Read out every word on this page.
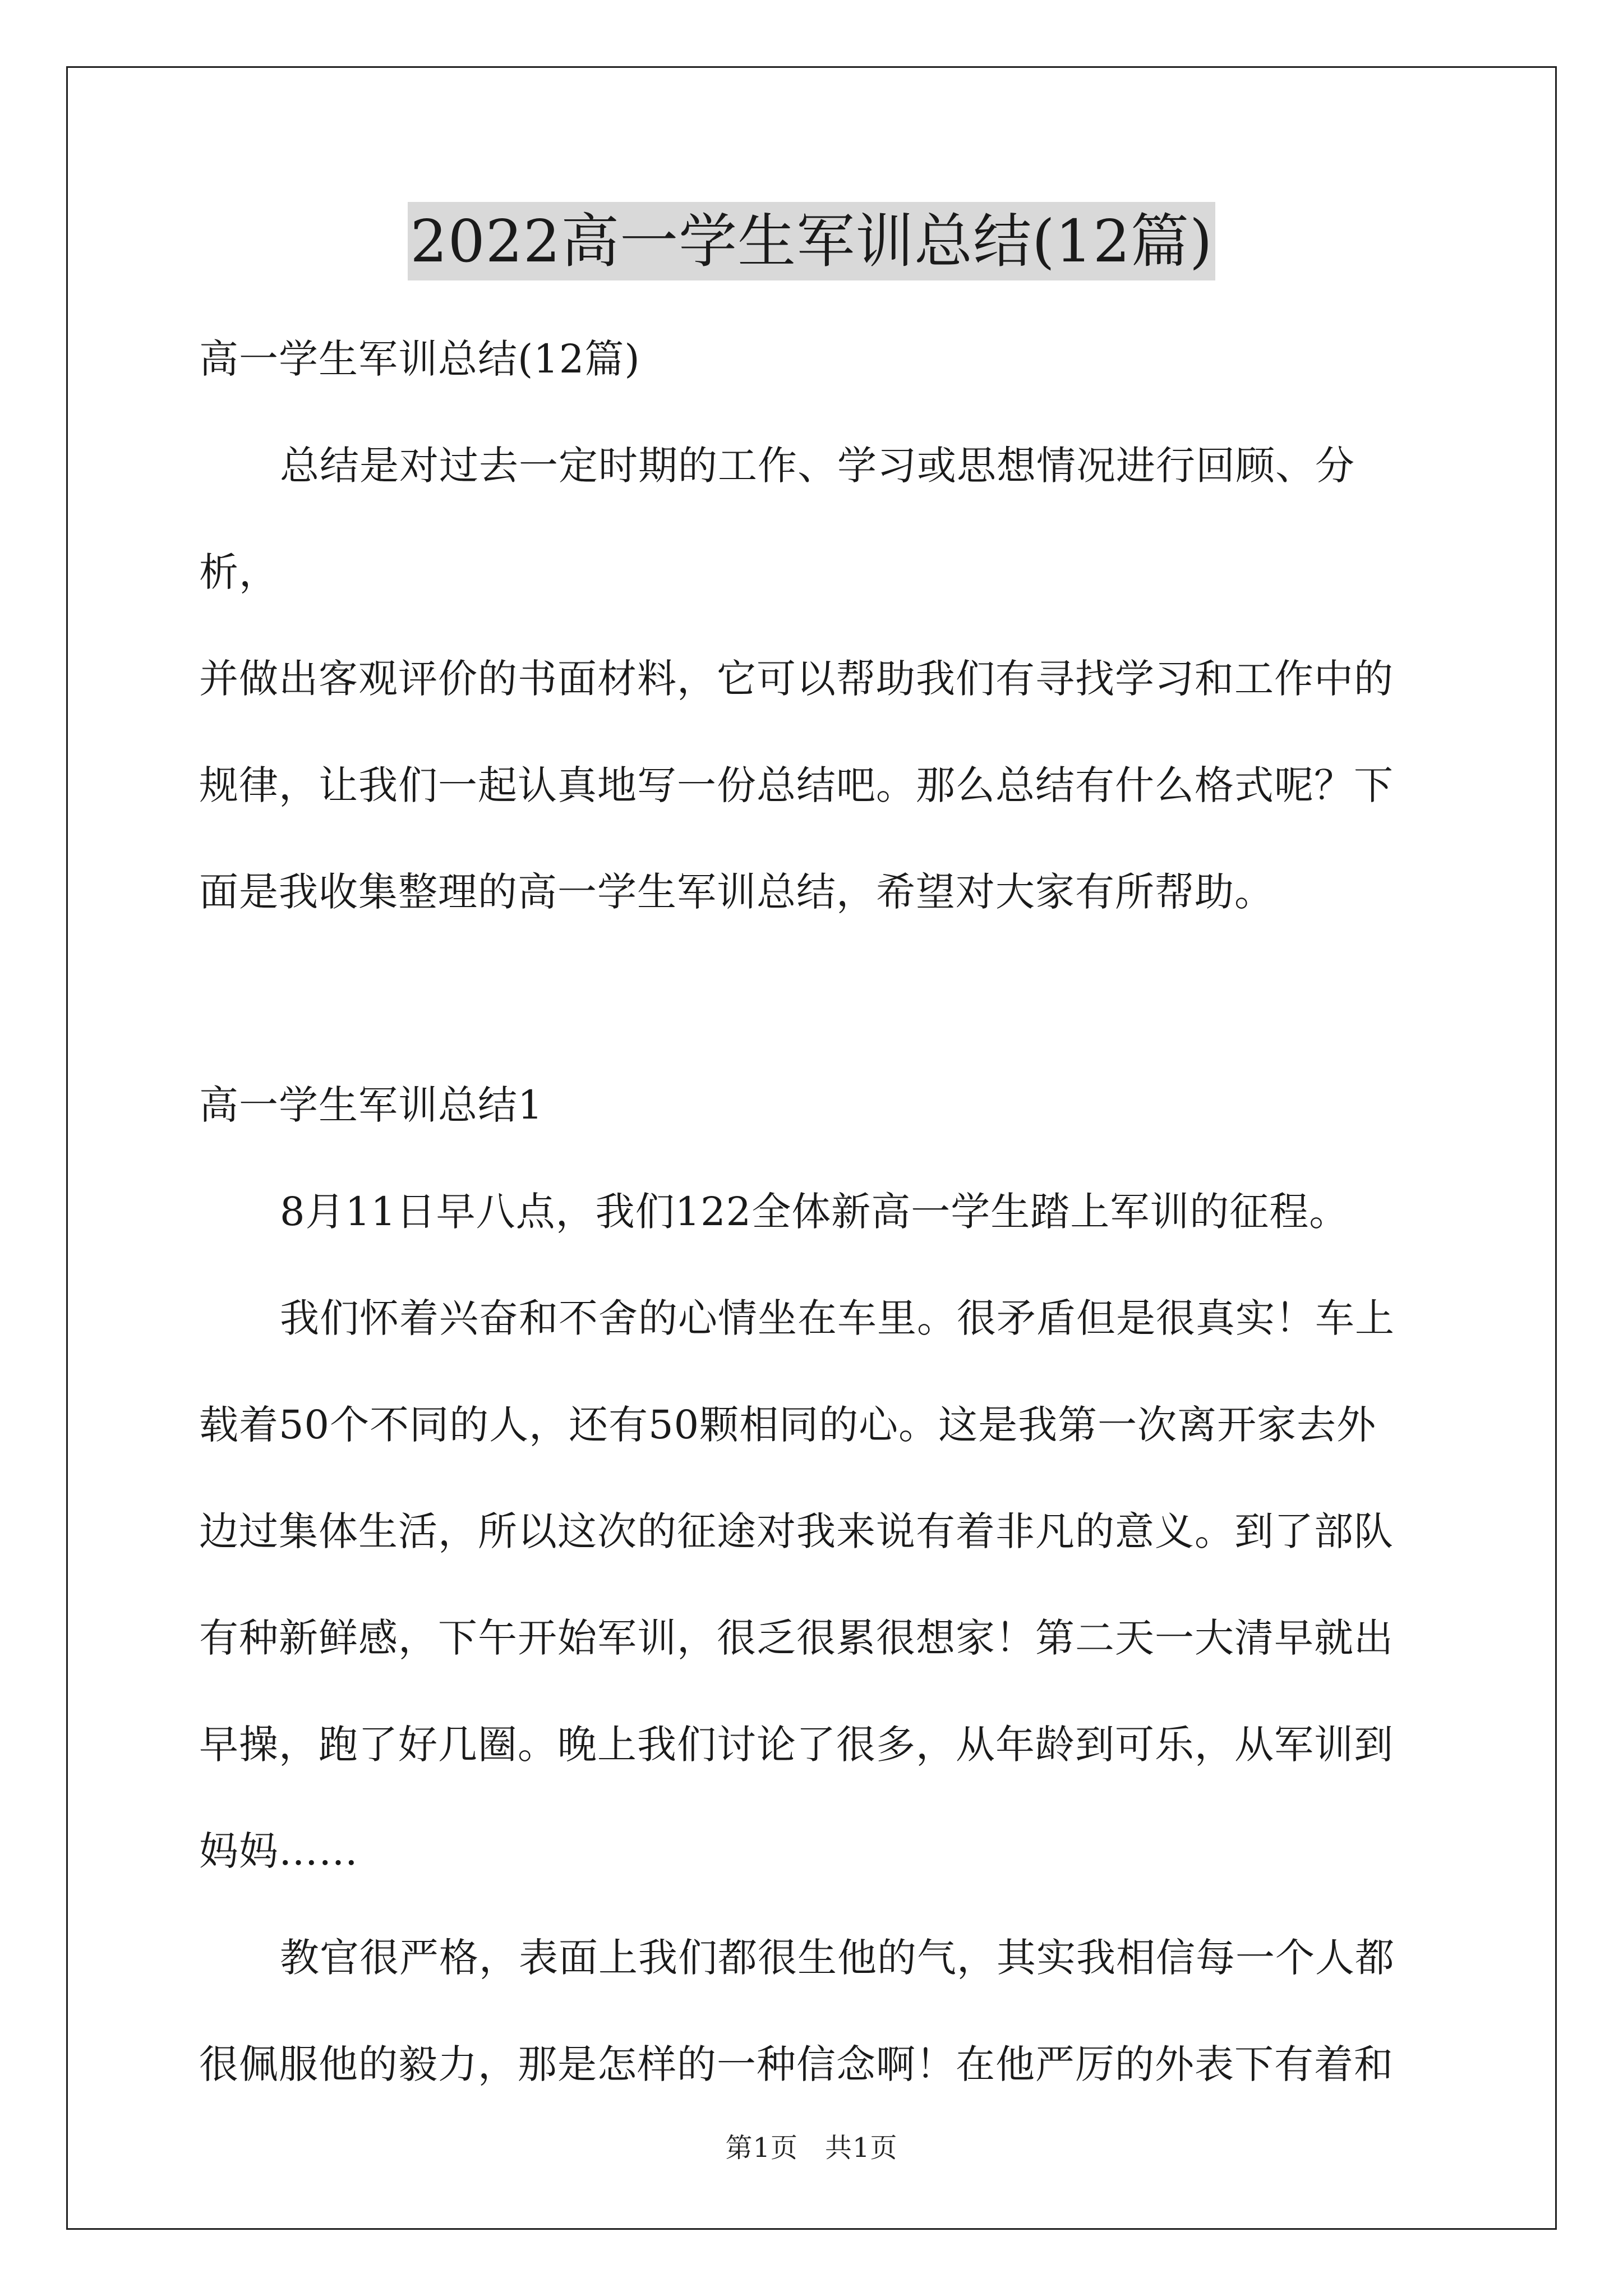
2022高一学生军训总结(12篇)

高一学生军训总结(12篇)

总结是对过去一定时期的工作、学习或思想情况进行回顾、分析，

并做出客观评价的书面材料，它可以帮助我们有寻找学习和工作中的

规律，让我们一起认真地写一份总结吧。那么总结有什么格式呢？下

面是我收集整理的高一学生军训总结，希望对大家有所帮助。

高一学生军训总结1

8月11日早八点，我们122全体新高一学生踏上军训的征程。

我们怀着兴奋和不舍的心情坐在车里。很矛盾但是很真实！车上

载着50个不同的人，还有50颗相同的心。这是我第一次离开家去外

边过集体生活，所以这次的征途对我来说有着非凡的意义。到了部队

有种新鲜感，下午开始军训，很乏很累很想家！第二天一大清早就出

早操，跑了好几圈。晚上我们讨论了很多，从年龄到可乐，从军训到

妈妈……

教官很严格，表面上我们都很生他的气，其实我相信每一个人都

很佩服他的毅力，那是怎样的一种信念啊！在他严厉的外表下有着和

第1页 共1页
